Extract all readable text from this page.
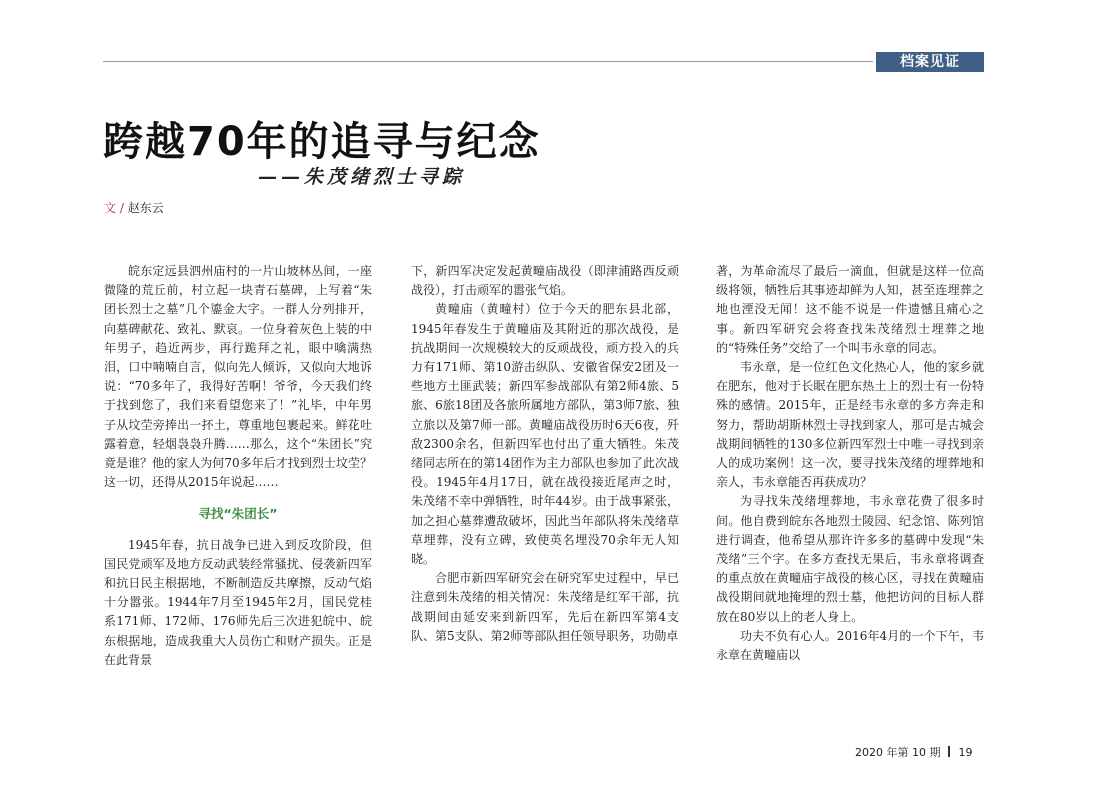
档案见证
跨越70年的追寻与纪念
——朱茂绪烈士寻踪
文 / 赵东云

皖东定远县泗州庙村的一片山坡林丛间，一座微隆的荒丘前，村立起一块青石墓碑，上写着“朱团长烈士之墓”几个鎏金大字。一群人分列排开，向墓碑献花、致礼、默哀。一位身着灰色上装的中年男子，趋近两步，再行跪拜之礼，眼中噙满热泪，口中喃喃自言，似向先人倾诉，又似向大地诉说：“70多年了，我得好苦啊！爷爷，今天我们终于找到您了，我们来看望您来了！”礼毕，中年男子从坟茔旁捧出一抔土，尊重地包裹起来。鲜花吐露着意，轻烟袅袅升腾……那么，这个“朱团长”究竟是谁？他的家人为何70多年后才找到烈士坟茔？这一切，还得从2015年说起……

寻找“朱团长”

1945年春，抗日战争已进入到反攻阶段，但国民党顽军及地方反动武装经常骚扰、侵袭新四军和抗日民主根据地，不断制造反共摩擦，反动气焰十分嚣张。1944年7月至1945年2月，国民党桂系171师、172师、176师先后三次进犯皖中、皖东根据地，造成我重大人员伤亡和财产损失。正是在此背景

下，新四军决定发起黄疃庙战役（即津浦路西反顽战役），打击顽军的嚣张气焰。

黄疃庙（黄疃村）位于今天的肥东县北部，1945年春发生于黄疃庙及其附近的那次战役，是抗战期间一次规模较大的反顽战役，顽方投入的兵力有171师、第10游击纵队、安徽省保安2团及一些地方土匪武装；新四军参战部队有第2师4旅、5旅、6旅18团及各旅所属地方部队，第3师7旅、独立旅以及第7师一部。黄疃庙战役历时6天6夜，歼敌2300余名，但新四军也付出了重大牺牲。朱茂绪同志所在的第14团作为主力部队也参加了此次战役。1945年4月17日，就在战役接近尾声之时，朱茂绪不幸中弹牺牲，时年44岁。由于战事紧张，加之担心墓葬遭敌破坏，因此当年部队将朱茂绪草草埋葬，没有立碑，致使英名埋没70余年无人知晓。

合肥市新四军研究会在研究军史过程中，早已注意到朱茂绪的相关情况：朱茂绪是红军干部，抗战期间由延安来到新四军，先后在新四军第4支队、第5支队、第2师等部队担任领导职务，功勋卓

著，为革命流尽了最后一滴血，但就是这样一位高级将领，牺牲后其事迹却鲜为人知，甚至连埋葬之地也湮没无闻！这不能不说是一件遗憾且痛心之事。新四军研究会将查找朱茂绪烈士埋葬之地的“特殊任务”交给了一个叫韦永章的同志。

韦永章，是一位红色文化热心人，他的家乡就在肥东，他对于长眠在肥东热土上的烈士有一份特殊的感情。2015年，正是经韦永章的多方奔走和努力，帮助胡斯林烈士寻找到家人，那可是古城会战期间牺牲的130多位新四军烈士中唯一寻找到亲人的成功案例！这一次，要寻找朱茂绪的埋葬地和亲人，韦永章能否再获成功？

为寻找朱茂绪埋葬地，韦永章花费了很多时间。他自费到皖东各地烈士陵园、纪念馆、陈列馆进行调查，他希望从那许许多多的墓碑中发现“朱茂绪”三个字。在多方查找无果后，韦永章将调查的重点放在黄疃庙宇战役的核心区，寻找在黄疃庙战役期间就地掩埋的烈士墓，他把访问的目标人群放在80岁以上的老人身上。

功夫不负有心人。2016年4月的一个下午，韦永章在黄疃庙以

2020 年第 10 期 19
